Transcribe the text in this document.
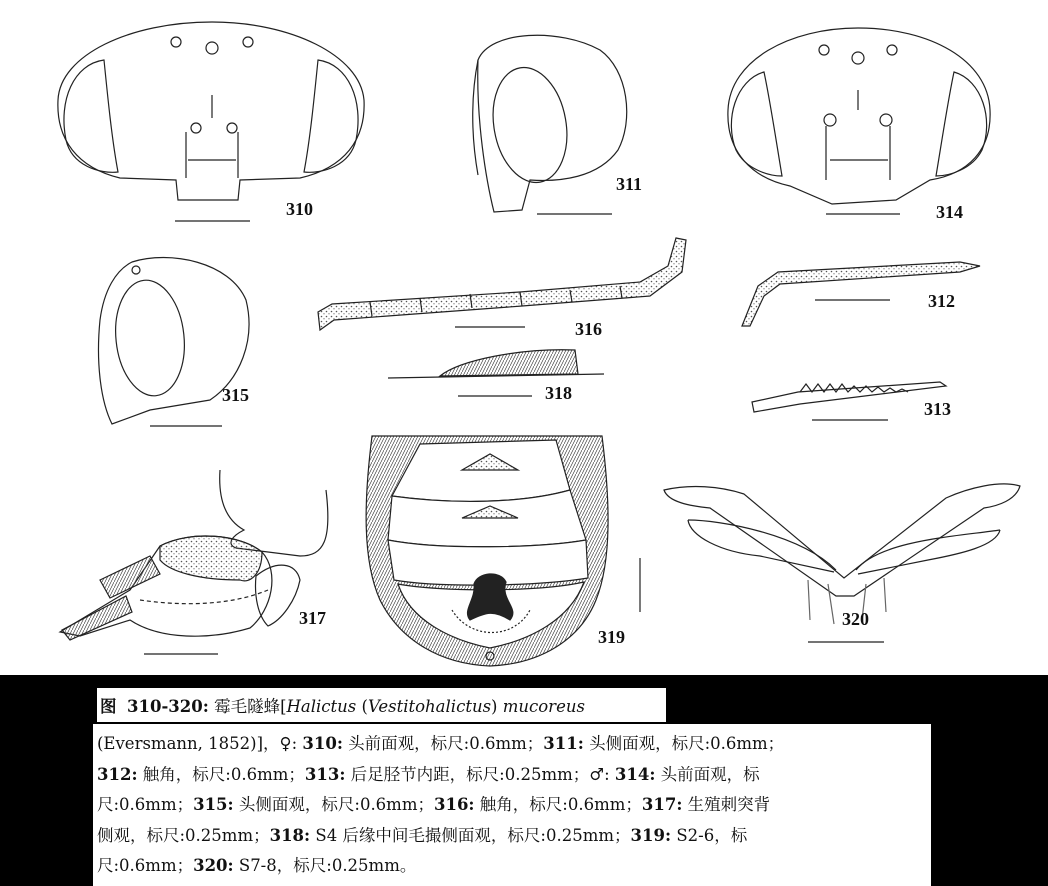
310
311
312
313
314
315
316
317
318
319
320
图 310-320: 霉毛隧蜂[Halictus (Vestitohalictus) mucoreus
(Eversmann, 1852)]，♀: 310: 头前面观，标尺:0.6mm；311: 头侧面观，标尺:0.6mm；
312: 触角，标尺:0.6mm；313: 后足胫节内距，标尺:0.25mm；♂: 314: 头前面观，标
尺:0.6mm；315: 头侧面观，标尺:0.6mm；316: 触角，标尺:0.6mm；317: 生殖刺突背
侧观，标尺:0.25mm；318: S4 后缘中间毛撮侧面观，标尺:0.25mm；319: S2-6，标
尺:0.6mm；320: S7-8，标尺:0.25mm。
